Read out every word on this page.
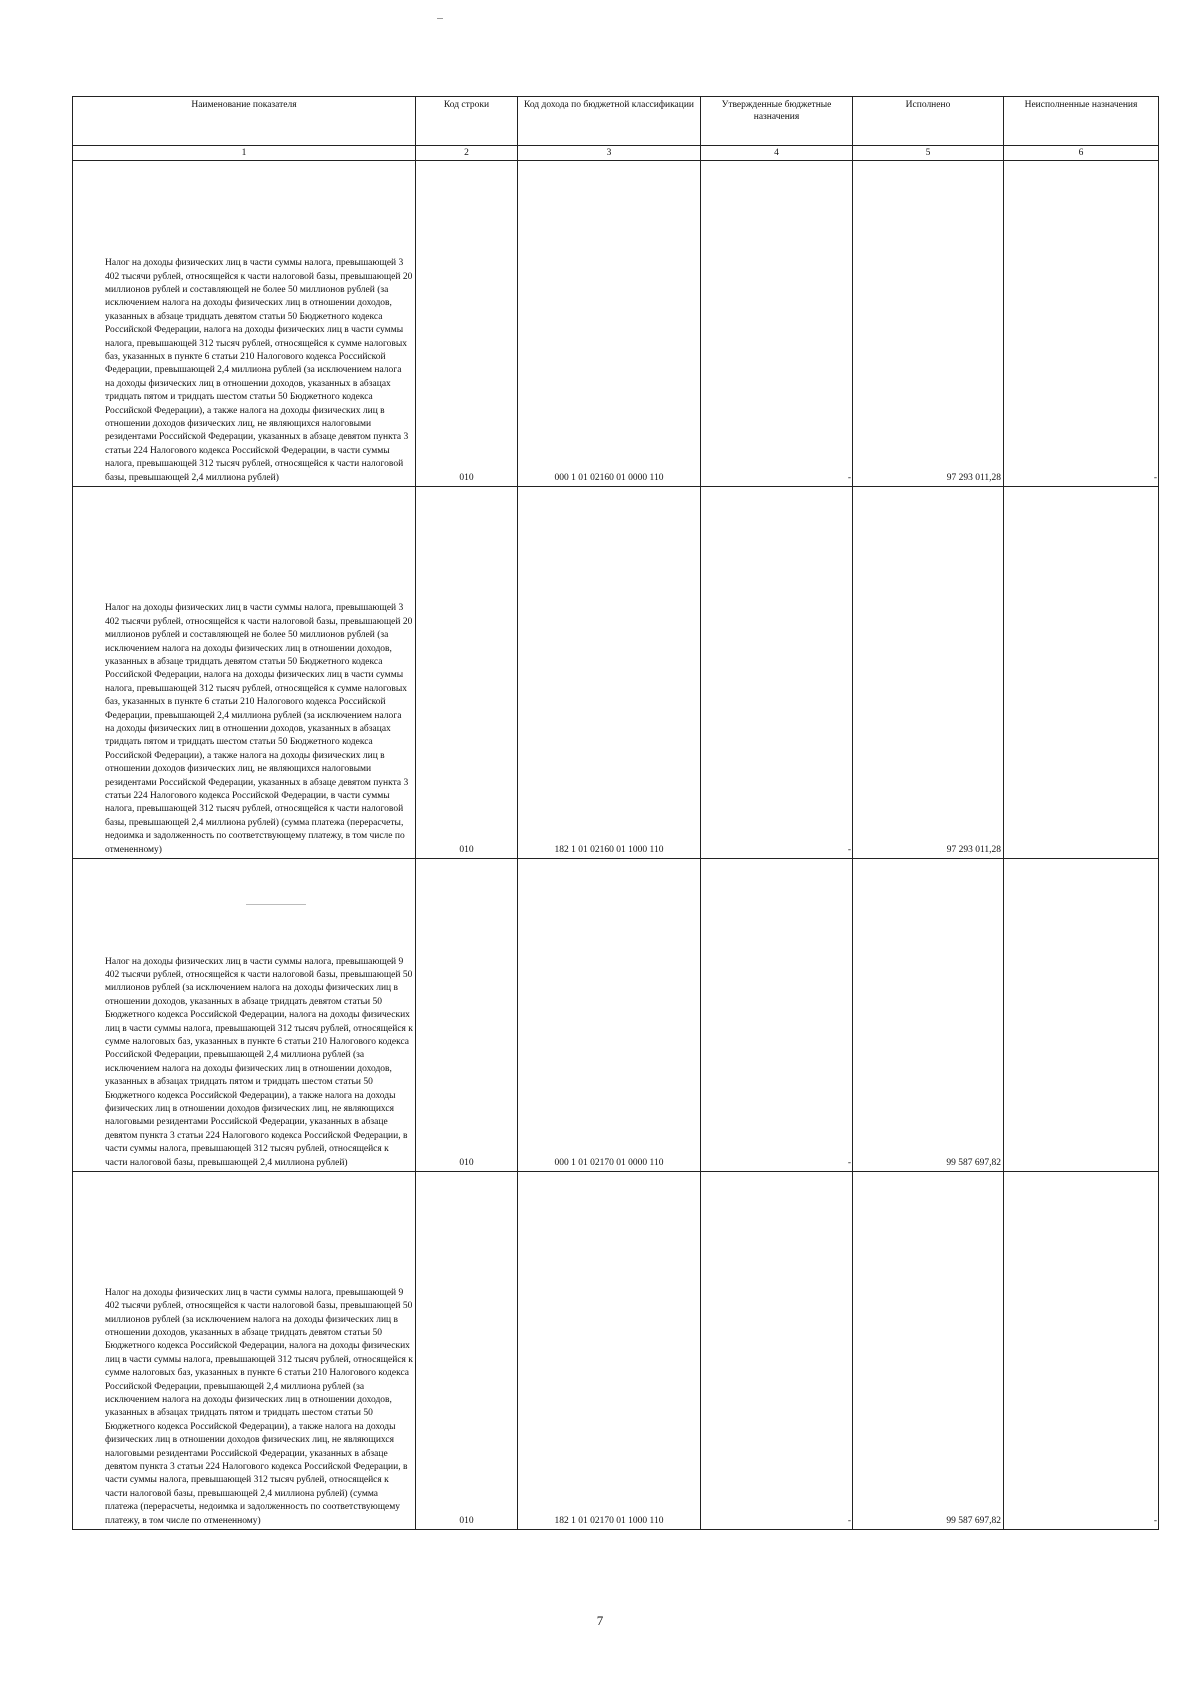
Наименование показателя	Код строки	Код дохода по бюджетной классификации	Утвержденные бюджетные назначения	Исполнено	Неисполненные назначения
1	2	3	4	5	6

Налог на доходы физических лиц в части суммы налога, превышающей 3 402 тысячи рублей, относящейся к части налоговой базы, превышающей 20 миллионов рублей и составляющей не более 50 миллионов рублей (за исключением налога на доходы физических лиц в отношении доходов, указанных в абзаце тридцать девятом статьи 50 Бюджетного кодекса Российской Федерации, налога на доходы физических лиц в части суммы налога, превышающей 312 тысяч рублей, относящейся к сумме налоговых баз, указанных в пункте 6 статьи 210 Налогового кодекса Российской Федерации, превышающей 2,4 миллиона рублей (за исключением налога на доходы физических лиц в отношении доходов, указанных в абзацах тридцать пятом и тридцать шестом статьи 50 Бюджетного кодекса Российской Федерации), а также налога на доходы физических лиц в отношении доходов физических лиц, не являющихся налоговыми резидентами Российской Федерации, указанных в абзаце девятом пункта 3 статьи 224 Налогового кодекса Российской Федерации, в части суммы налога, превышающей 312 тысяч рублей, относящейся к части налоговой базы, превышающей 2,4 миллиона рублей)	010	000 1 01 02160 01 0000 110	-	97 293 011,28	-

Налог на доходы физических лиц в части суммы налога, превышающей 3 402 тысячи рублей, относящейся к части налоговой базы, превышающей 20 миллионов рублей и составляющей не более 50 миллионов рублей (за исключением налога на доходы физических лиц в отношении доходов, указанных в абзаце тридцать девятом статьи 50 Бюджетного кодекса Российской Федерации, налога на доходы физических лиц в части суммы налога, превышающей 312 тысяч рублей, относящейся к сумме налоговых баз, указанных в пункте 6 статьи 210 Налогового кодекса Российской Федерации, превышающей 2,4 миллиона рублей (за исключением налога на доходы физических лиц в отношении доходов, указанных в абзацах тридцать пятом и тридцать шестом статьи 50 Бюджетного кодекса Российской Федерации), а также налога на доходы физических лиц в отношении доходов физических лиц, не являющихся налоговыми резидентами Российской Федерации, указанных в абзаце девятом пункта 3 статьи 224 Налогового кодекса Российской Федерации, в части суммы налога, превышающей 312 тысяч рублей, относящейся к части налоговой базы, превышающей 2,4 миллиона рублей) (сумма платежа (перерасчеты, недоимка и задолженность по соответствующему платежу, в том числе по отмененному)	010	182 1 01 02160 01 1000 110	-	97 293 011,28	

Налог на доходы физических лиц в части суммы налога, превышающей 9 402 тысячи рублей, относящейся к части налоговой базы, превышающей 50 миллионов рублей (за исключением налога на доходы физических лиц в отношении доходов, указанных в абзаце тридцать девятом статьи 50 Бюджетного кодекса Российской Федерации, налога на доходы физических лиц в части суммы налога, превышающей 312 тысяч рублей, относящейся к сумме налоговых баз, указанных в пункте 6 статьи 210 Налогового кодекса Российской Федерации, превышающей 2,4 миллиона рублей (за исключением налога на доходы физических лиц в отношении доходов, указанных в абзацах тридцать пятом и тридцать шестом статьи 50 Бюджетного кодекса Российской Федерации), а также налога на доходы физических лиц в отношении доходов физических лиц, не являющихся налоговыми резидентами Российской Федерации, указанных в абзаце девятом пункта 3 статьи 224 Налогового кодекса Российской Федерации, в части суммы налога, превышающей 312 тысяч рублей, относящейся к части налоговой базы, превышающей 2,4 миллиона рублей)	010	000 1 01 02170 01 0000 110	-	99 587 697,82	

Налог на доходы физических лиц в части суммы налога, превышающей 9 402 тысячи рублей, относящейся к части налоговой базы, превышающей 50 миллионов рублей (за исключением налога на доходы физических лиц в отношении доходов, указанных в абзаце тридцать девятом статьи 50 Бюджетного кодекса Российской Федерации, налога на доходы физических лиц в части суммы налога, превышающей 312 тысяч рублей, относящейся к сумме налоговых баз, указанных в пункте 6 статьи 210 Налогового кодекса Российской Федерации, превышающей 2,4 миллиона рублей (за исключением налога на доходы физических лиц в отношении доходов, указанных в абзацах тридцать пятом и тридцать шестом статьи 50 Бюджетного кодекса Российской Федерации), а также налога на доходы физических лиц в отношении доходов физических лиц, не являющихся налоговыми резидентами Российской Федерации, указанных в абзаце девятом пункта 3 статьи 224 Налогового кодекса Российской Федерации, в части суммы налога, превышающей 312 тысяч рублей, относящейся к части налоговой базы, превышающей 2,4 миллиона рублей) (сумма платежа (перерасчеты, недоимка и задолженность по соответствующему платежу, в том числе по отмененному)	010	182 1 01 02170 01 1000 110	-	99 587 697,82	-
7
